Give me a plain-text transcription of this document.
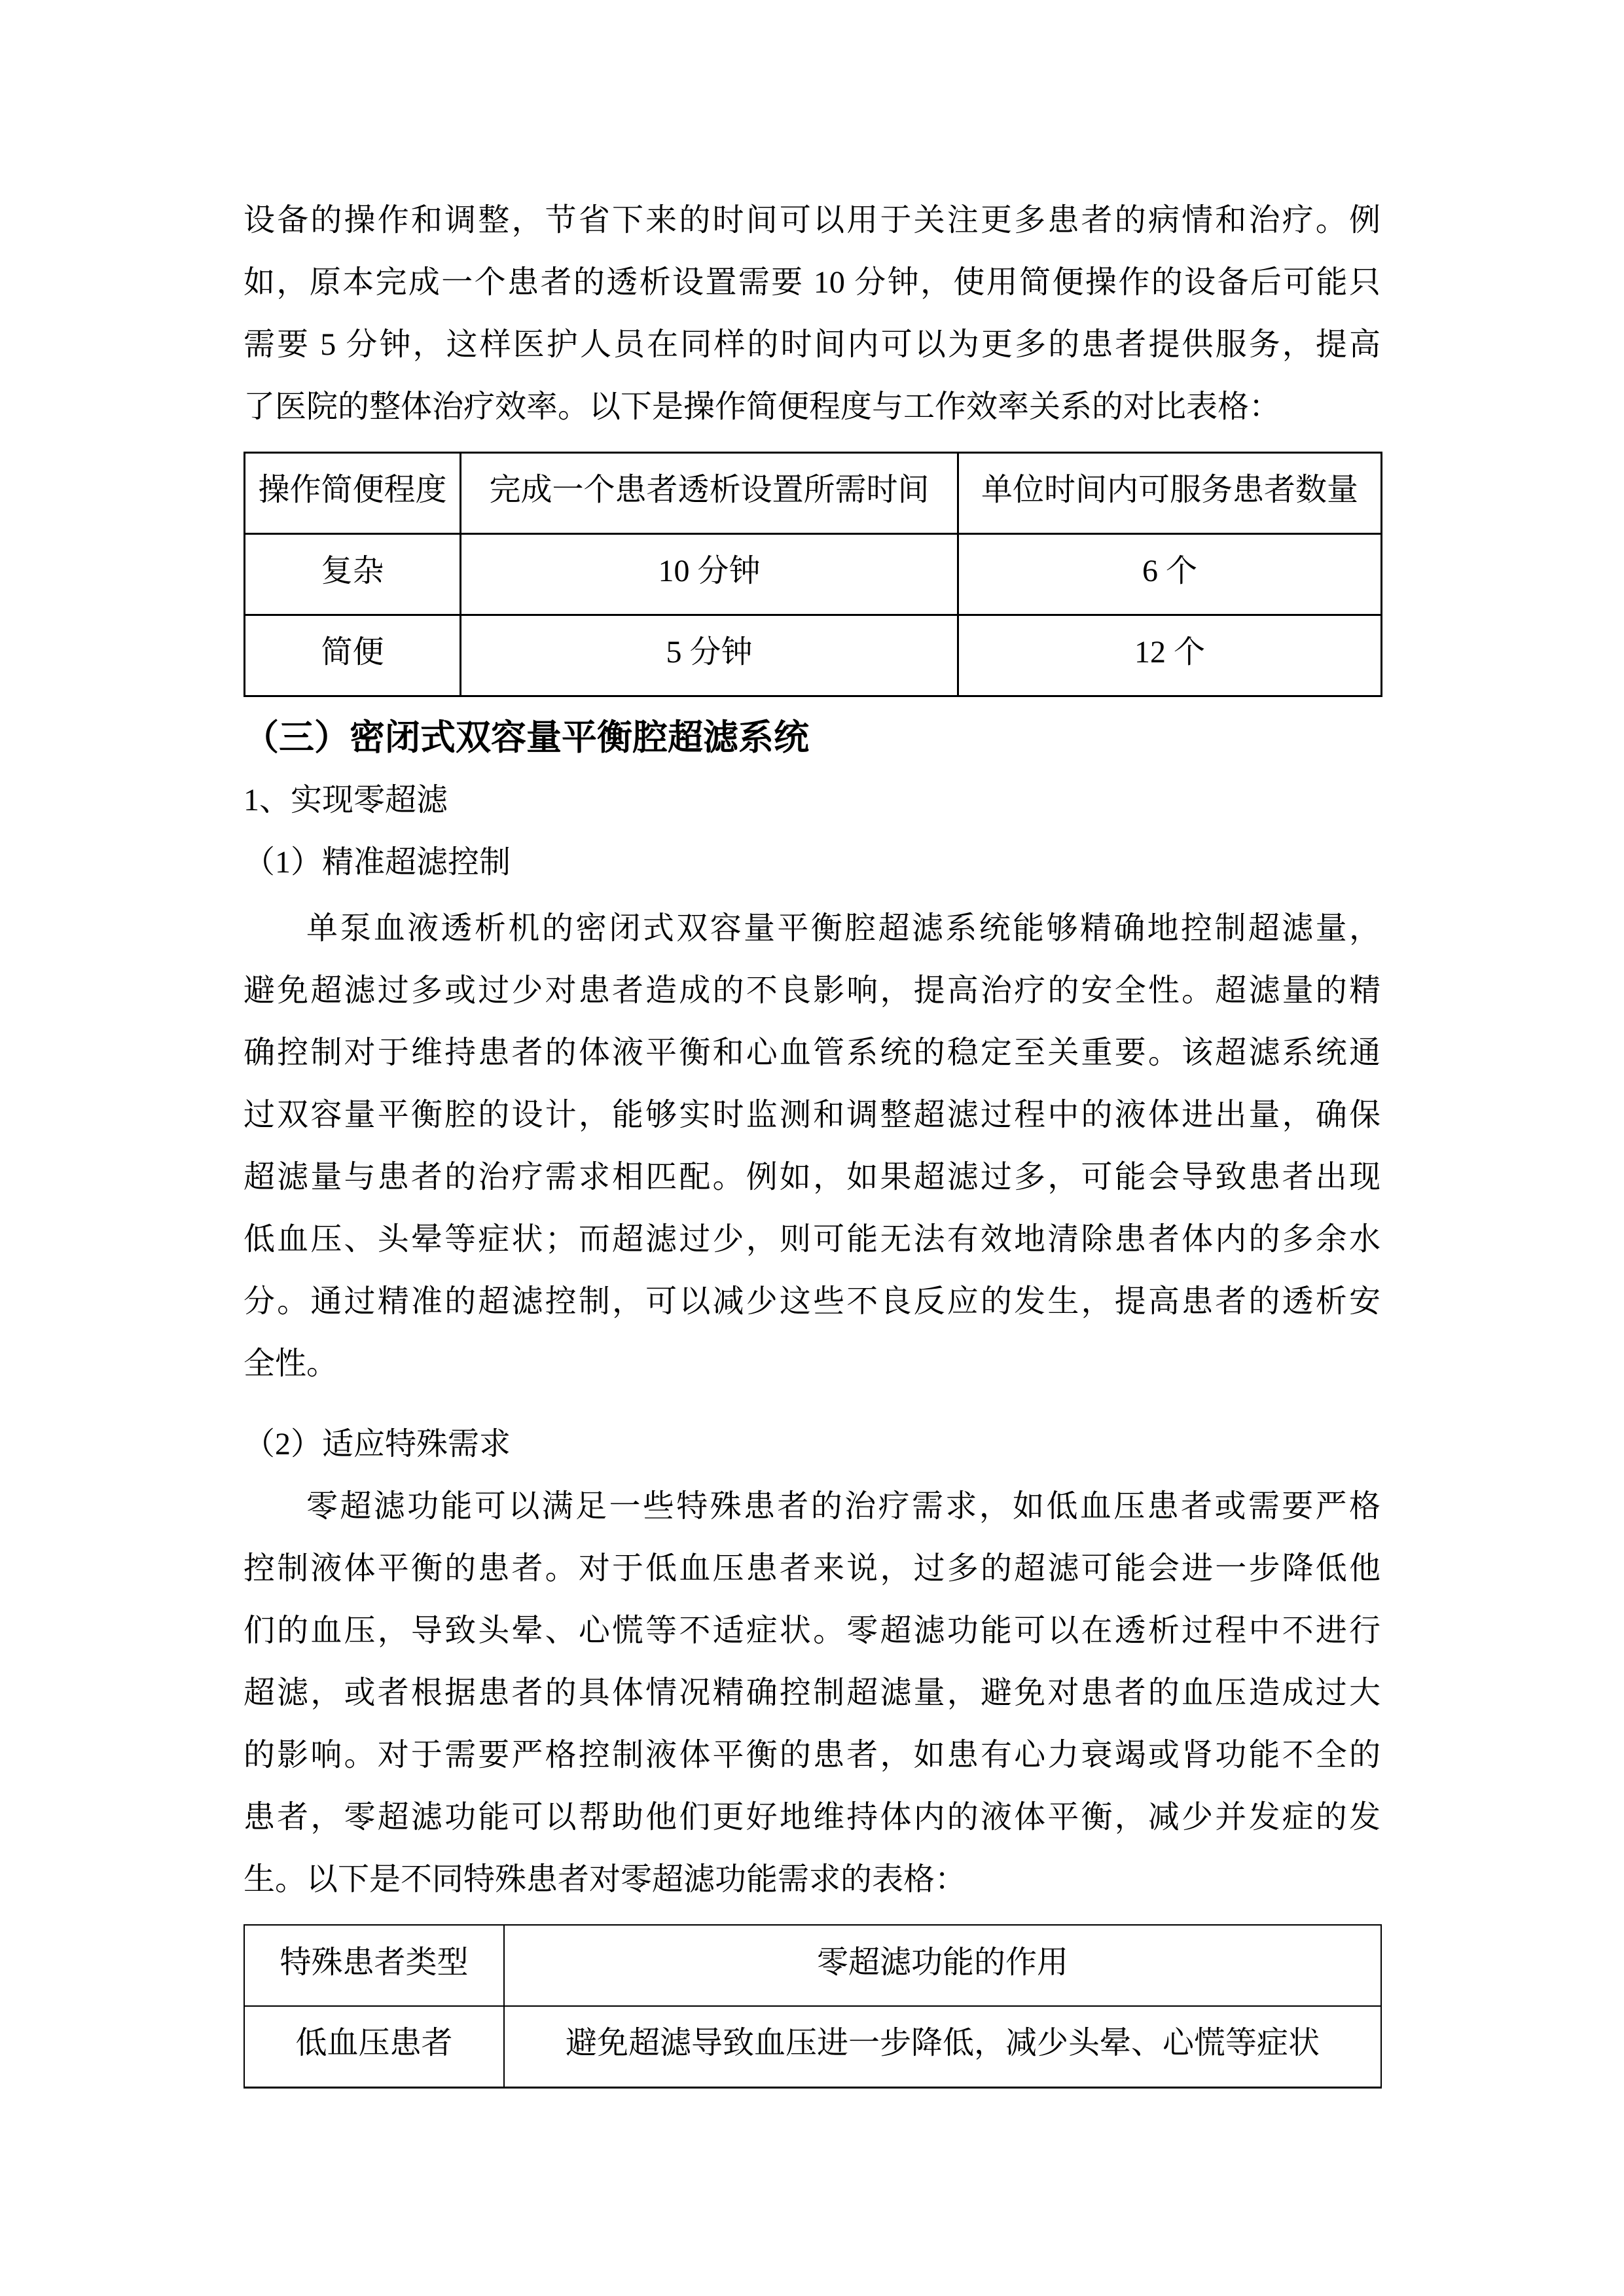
设备的操作和调整，节省下来的时间可以用于关注更多患者的病情和治疗。例
如，原本完成一个患者的透析设置需要 10 分钟，使用简便操作的设备后可能只
需要 5 分钟，这样医护人员在同样的时间内可以为更多的患者提供服务，提高
了医院的整体治疗效率。以下是操作简便程度与工作效率关系的对比表格：
操作简便程度	完成一个患者透析设置所需时间	单位时间内可服务患者数量
复杂	10 分钟	6 个
简便	5 分钟	12 个
（三）密闭式双容量平衡腔超滤系统
1、实现零超滤
（1）精准超滤控制
单泵血液透析机的密闭式双容量平衡腔超滤系统能够精确地控制超滤量，
避免超滤过多或过少对患者造成的不良影响，提高治疗的安全性。超滤量的精
确控制对于维持患者的体液平衡和心血管系统的稳定至关重要。该超滤系统通
过双容量平衡腔的设计，能够实时监测和调整超滤过程中的液体进出量，确保
超滤量与患者的治疗需求相匹配。例如，如果超滤过多，可能会导致患者出现
低血压、头晕等症状；而超滤过少，则可能无法有效地清除患者体内的多余水
分。通过精准的超滤控制，可以减少这些不良反应的发生，提高患者的透析安
全性。
（2）适应特殊需求
零超滤功能可以满足一些特殊患者的治疗需求，如低血压患者或需要严格
控制液体平衡的患者。对于低血压患者来说，过多的超滤可能会进一步降低他
们的血压，导致头晕、心慌等不适症状。零超滤功能可以在透析过程中不进行
超滤，或者根据患者的具体情况精确控制超滤量，避免对患者的血压造成过大
的影响。对于需要严格控制液体平衡的患者，如患有心力衰竭或肾功能不全的
患者，零超滤功能可以帮助他们更好地维持体内的液体平衡，减少并发症的发
生。以下是不同特殊患者对零超滤功能需求的表格：
特殊患者类型	零超滤功能的作用
低血压患者	避免超滤导致血压进一步降低，减少头晕、心慌等症状
